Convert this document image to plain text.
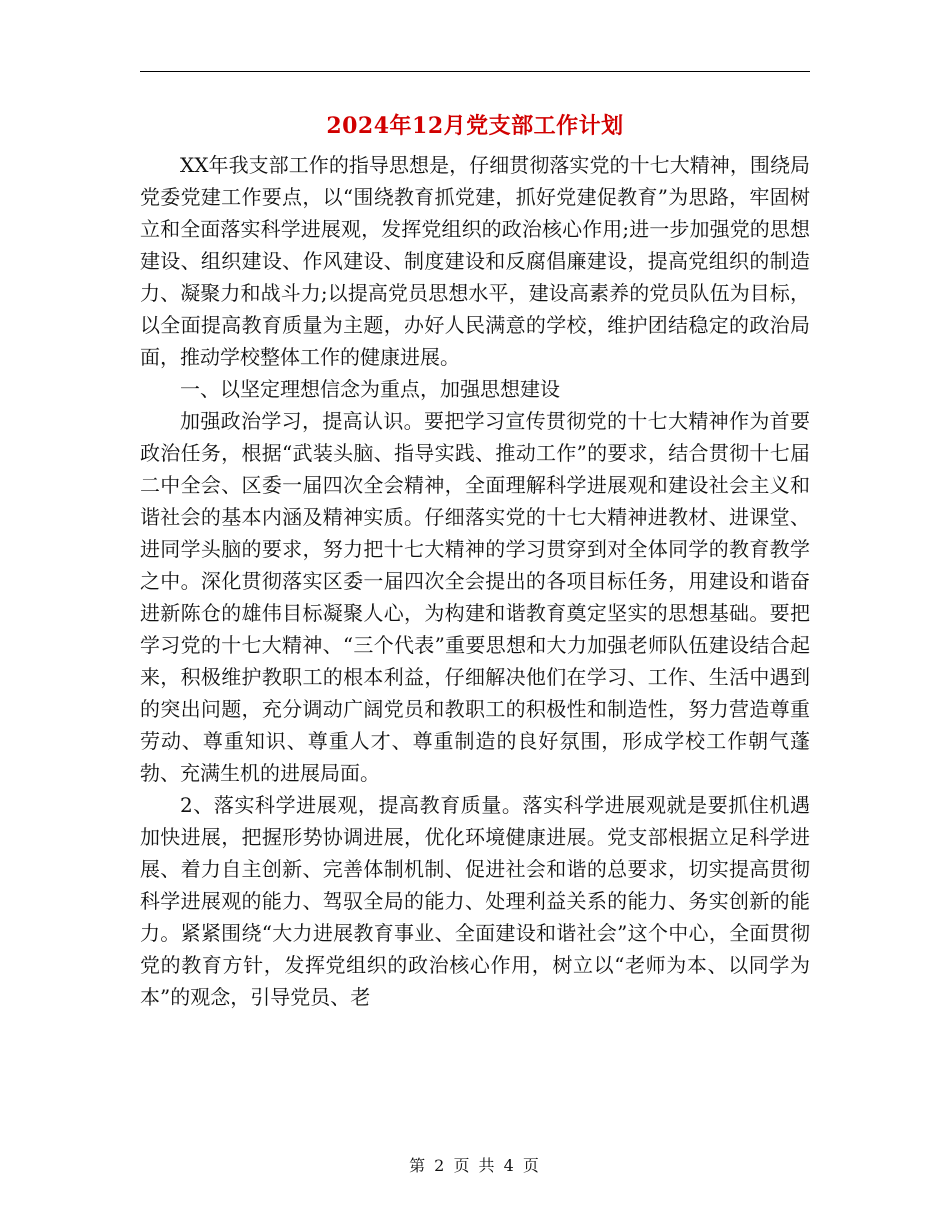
2024年12月党支部工作计划

XX年我支部工作的指导思想是，仔细贯彻落实党的十七大精神，围绕局党委党建工作要点，以“围绕教育抓党建，抓好党建促教育”为思路，牢固树立和全面落实科学进展观，发挥党组织的政治核心作用;进一步加强党的思想建设、组织建设、作风建设、制度建设和反腐倡廉建设，提高党组织的制造力、凝聚力和战斗力;以提高党员思想水平，建设高素养的党员队伍为目标，以全面提高教育质量为主题，办好人民满意的学校，维护团结稳定的政治局面，推动学校整体工作的健康进展。

一、以坚定理想信念为重点，加强思想建设

加强政治学习，提高认识。要把学习宣传贯彻党的十七大精神作为首要政治任务，根据“武装头脑、指导实践、推动工作”的要求，结合贯彻十七届二中全会、区委一届四次全会精神，全面理解科学进展观和建设社会主义和谐社会的基本内涵及精神实质。仔细落实党的十七大精神进教材、进课堂、进同学头脑的要求，努力把十七大精神的学习贯穿到对全体同学的教育教学之中。深化贯彻落实区委一届四次全会提出的各项目标任务，用建设和谐奋进新陈仓的雄伟目标凝聚人心，为构建和谐教育奠定坚实的思想基础。要把学习党的十七大精神、“三个代表”重要思想和大力加强老师队伍建设结合起来，积极维护教职工的根本利益，仔细解决他们在学习、工作、生活中遇到的突出问题，充分调动广阔党员和教职工的积极性和制造性，努力营造尊重劳动、尊重知识、尊重人才、尊重制造的良好氛围，形成学校工作朝气蓬勃、充满生机的进展局面。

2、落实科学进展观，提高教育质量。落实科学进展观就是要抓住机遇加快进展，把握形势协调进展，优化环境健康进展。党支部根据立足科学进展、着力自主创新、完善体制机制、促进社会和谐的总要求，切实提高贯彻科学进展观的能力、驾驭全局的能力、处理利益关系的能力、务实创新的能力。紧紧围绕“大力进展教育事业、全面建设和谐社会”这个中心，全面贯彻党的教育方针，发挥党组织的政治核心作用，树立以“老师为本、以同学为本”的观念，引导党员、老

第 2 页 共 4 页
